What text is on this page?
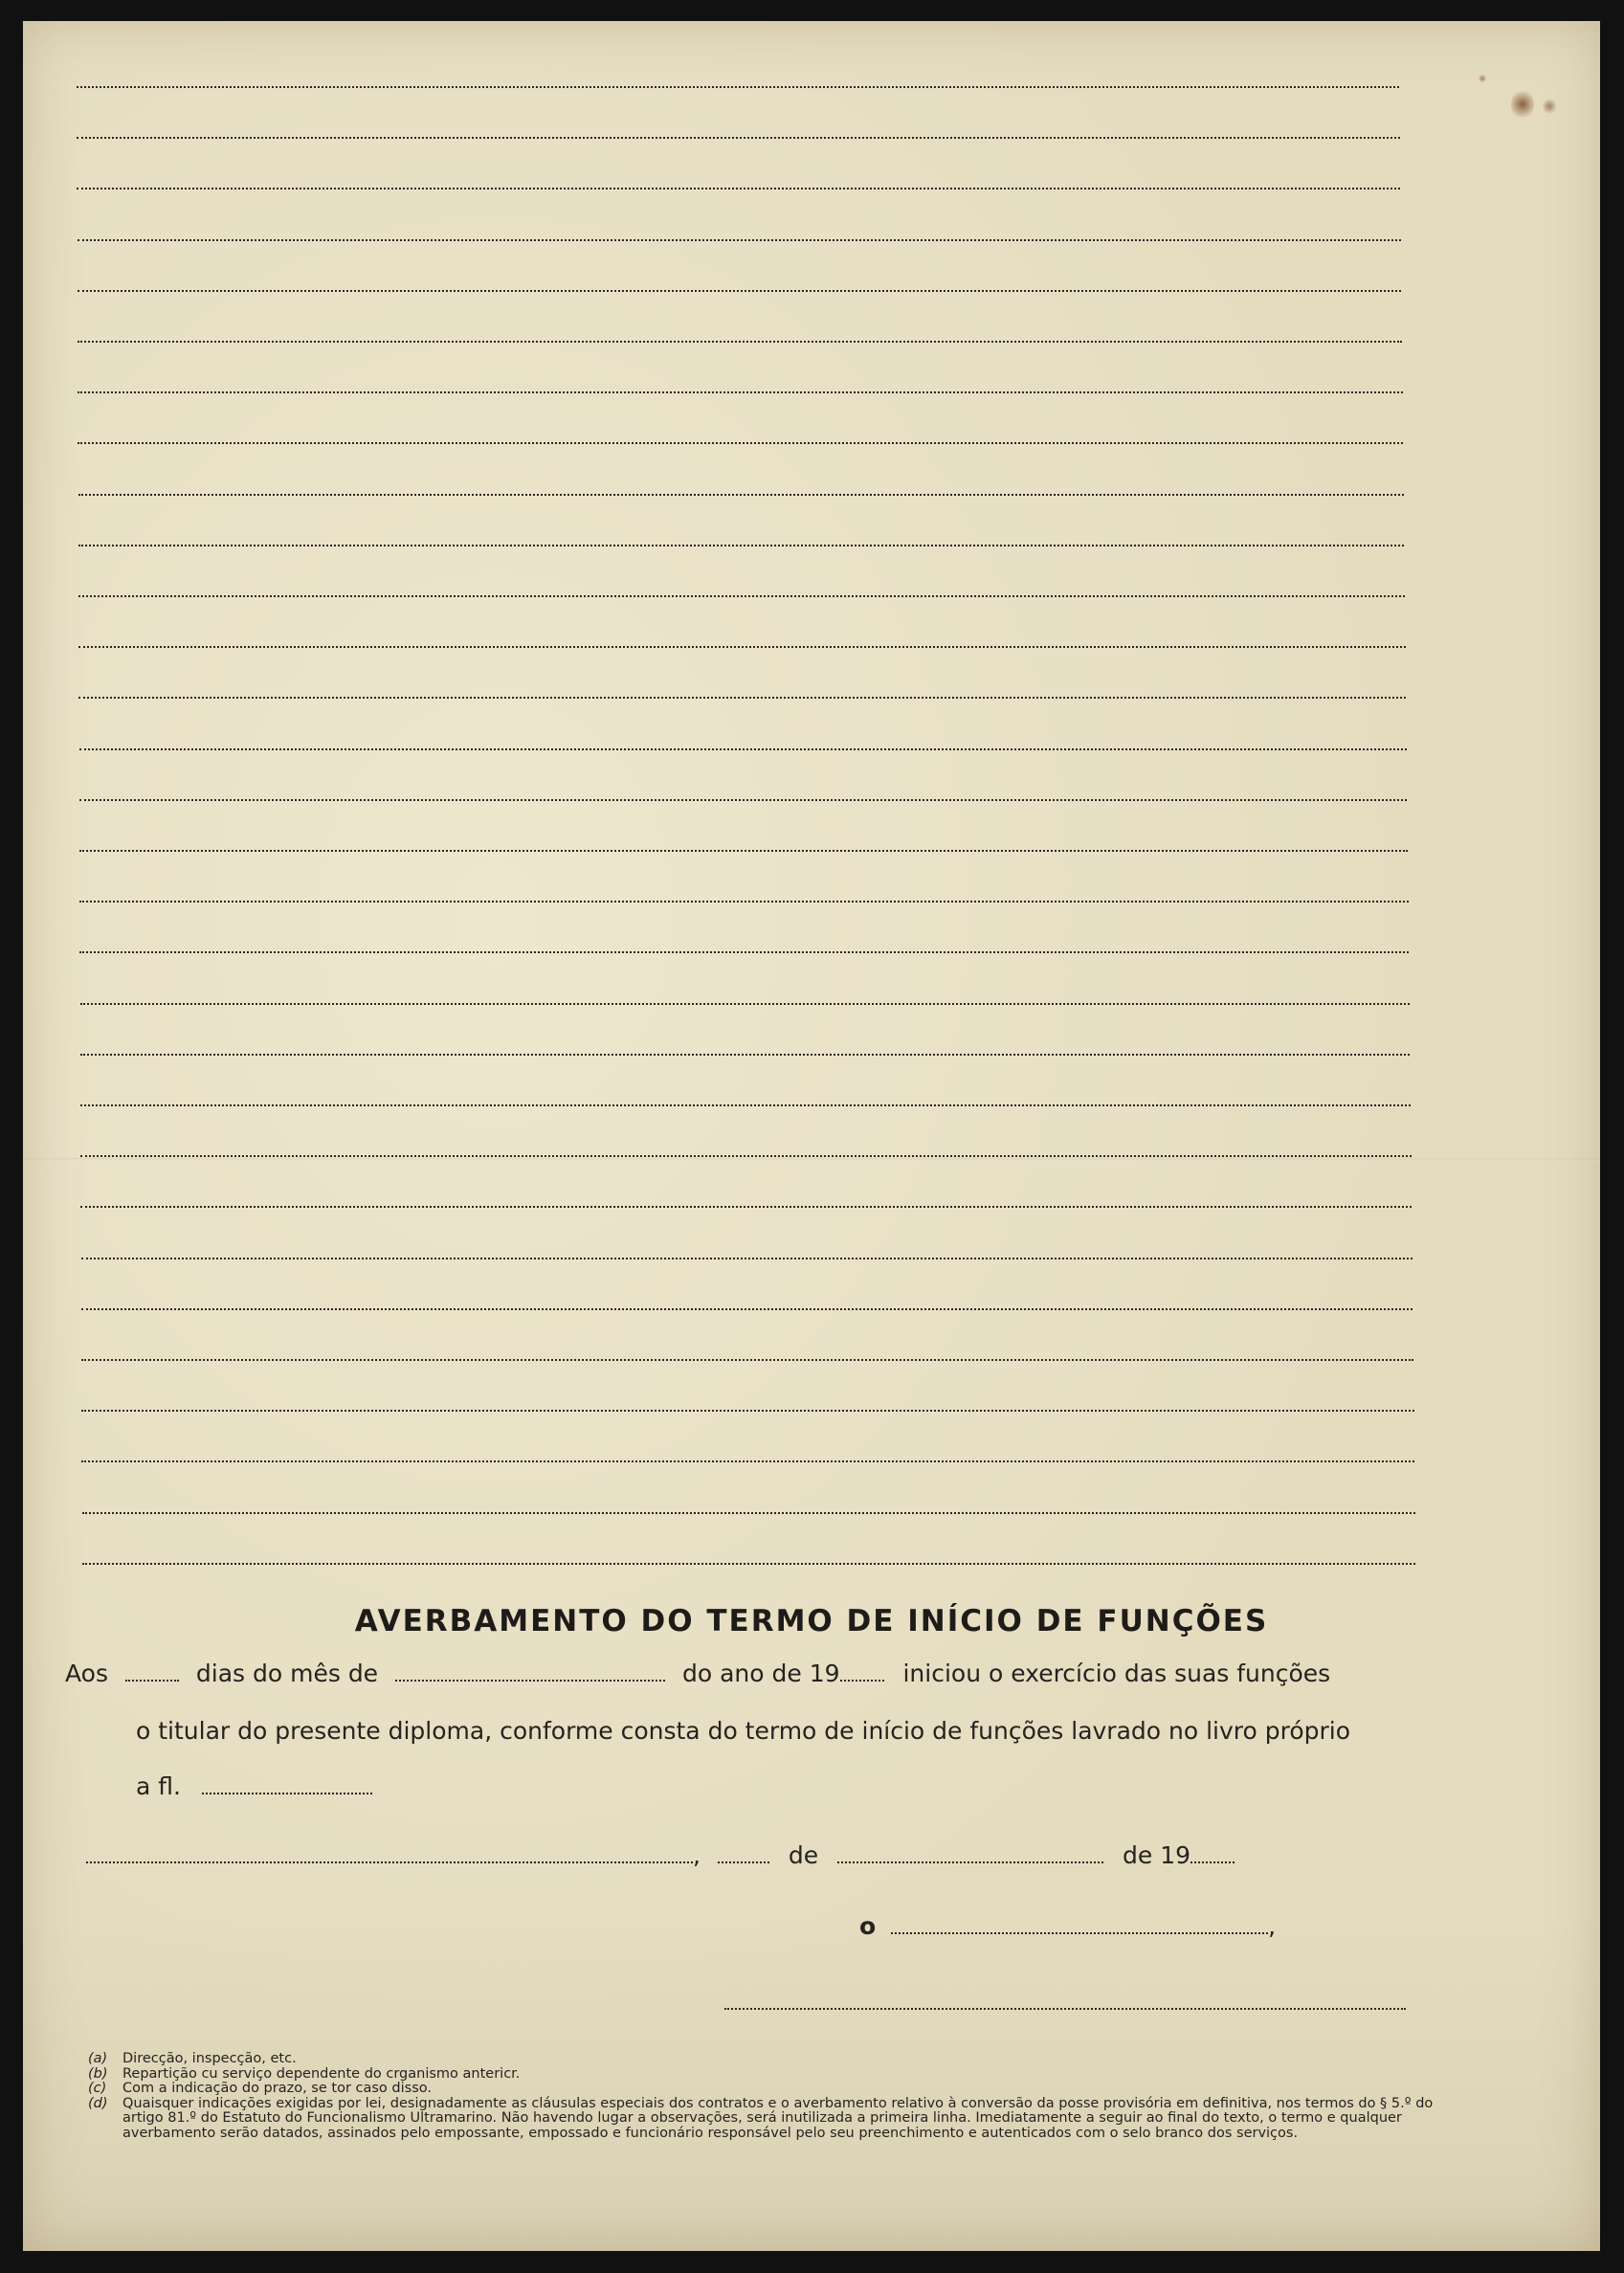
AVERBAMENTO DO TERMO DE INÍCIO DE FUNÇÕES
Aos	dias do mês de	do ano de 19	iniciou o exercício das suas funções
o titular do presente diploma, conforme consta do termo de início de funções lavrado no livro próprio
a fl.
,	de	de 19
o	,
(a)	Direcção, inspecção, etc.
(b)	Repartição cu serviço dependente do crganismo antericr.
(c)	Com a indicação do prazo, se tor caso disso.
(d)	Quaisquer indicações exigidas por lei, designadamente as cláusulas especiais dos contratos e o averbamento relativo à conversão da posse provisória em definitiva, nos termos do § 5.º do artigo 81.º do Estatuto do Funcionalismo Ultramarino. Não havendo lugar a observações, será inutilizada a primeira linha. Imediatamente a seguir ao final do texto, o termo e qualquer averbamento serão datados, assinados pelo empossante, empossado e funcionário responsável pelo seu preenchimento e autenticados com o selo branco dos serviços.
